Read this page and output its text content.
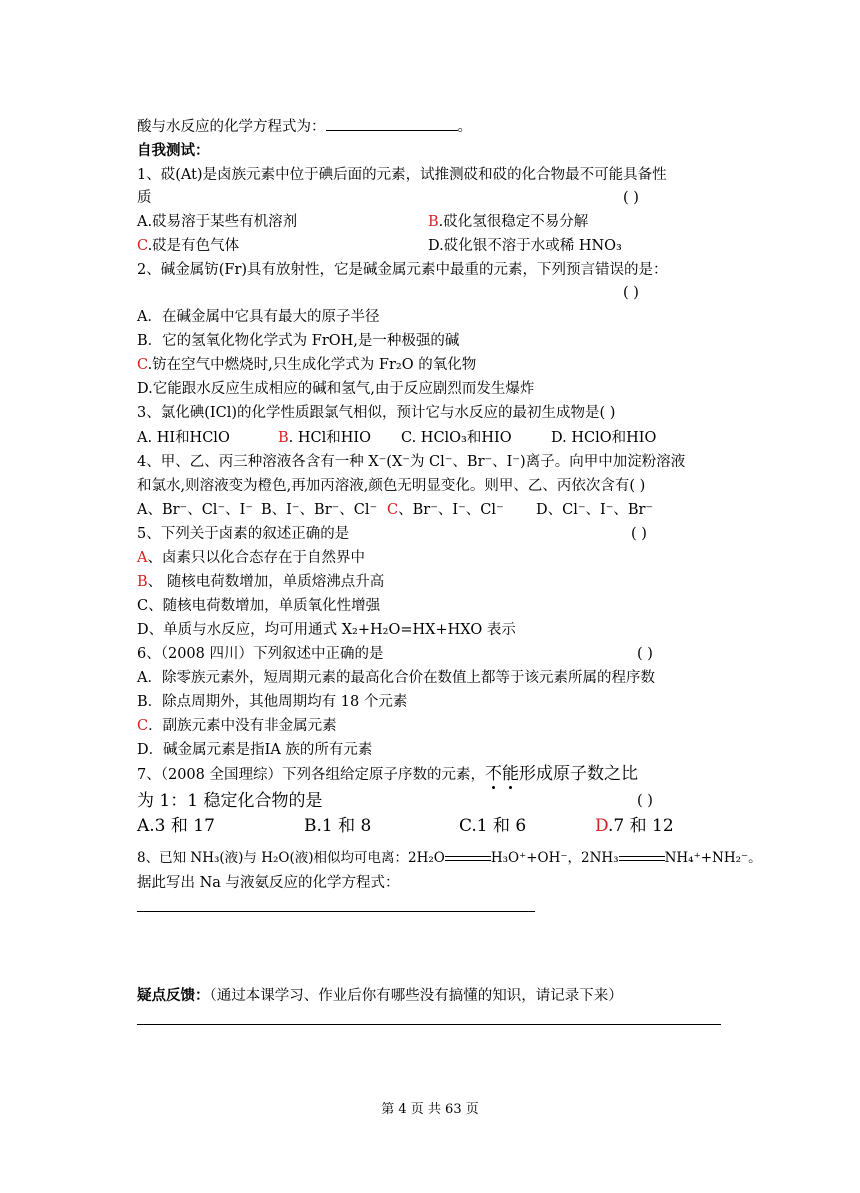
酸与水反应的化学方程式为：	。
自我测试：
1、砹(At)是卤族元素中位于碘后面的元素，试推测砹和砹的化合物最不可能具备性
质	( )
A.砹易溶于某些有机溶剂	B.砹化氢很稳定不易分解
C.砹是有色气体	D.砹化银不溶于水或稀 HNO₃
2、碱金属钫(Fr)具有放射性，它是碱金属元素中最重的元素，下列预言错误的是：
( )
A．在碱金属中它具有最大的原子半径
B．它的氢氧化物化学式为 FrOH,是一种极强的碱
C.钫在空气中燃烧时,只生成化学式为 Fr₂O 的氧化物
D.它能跟水反应生成相应的碱和氢气,由于反应剧烈而发生爆炸
3、氯化碘(ICl)的化学性质跟氯气相似，预计它与水反应的最初生成物是( )
A. HI和HClO	B. HCl和HIO C. HClO₃和HIO	D. HClO和HIO
4、甲、乙、丙三种溶液各含有一种 X⁻(X⁻为 Cl⁻、Br⁻、I⁻)离子。向甲中加淀粉溶液
和氯水,则溶液变为橙色,再加丙溶液,颜色无明显变化。则甲、乙、丙依次含有( )
A、Br⁻、Cl⁻、I⁻ B、I⁻、Br⁻、Cl⁻ C、Br⁻、I⁻、Cl⁻ D、Cl⁻、I⁻、Br⁻
5、下列关于卤素的叙述正确的是	( )
A、卤素只以化合态存在于自然界中
B、 随核电荷数增加，单质熔沸点升高
C、随核电荷数增加，单质氧化性增强
D、单质与水反应，均可用通式 X₂+H₂O=HX+HXO 表示
6、（2008 四川）下列叙述中正确的是	( )
A．除零族元素外，短周期元素的最高化合价在数值上都等于该元素所属的程序数
B．除点周期外，其他周期均有 18 个元素
C．副族元素中没有非金属元素
D．碱金属元素是指ⅠA 族的所有元素
7、（2008 全国理综）下列各组给定原子序数的元素，不能形成原子数之比
为 1：1 稳定化合物的是	( )
A.3 和 17	B.1 和 8	C.1 和 6	D.7 和 12
8、已知 NH₃(液)与 H₂O(液)相似均可电离：2H₂O	H₃O⁺+OH⁻，2NH₃	NH₄⁺+NH₂⁻。
据此写出 Na 与液氨反应的化学方程式：
疑点反馈：（通过本课学习、作业后你有哪些没有搞懂的知识，请记录下来）
第 4 页 共 63 页
